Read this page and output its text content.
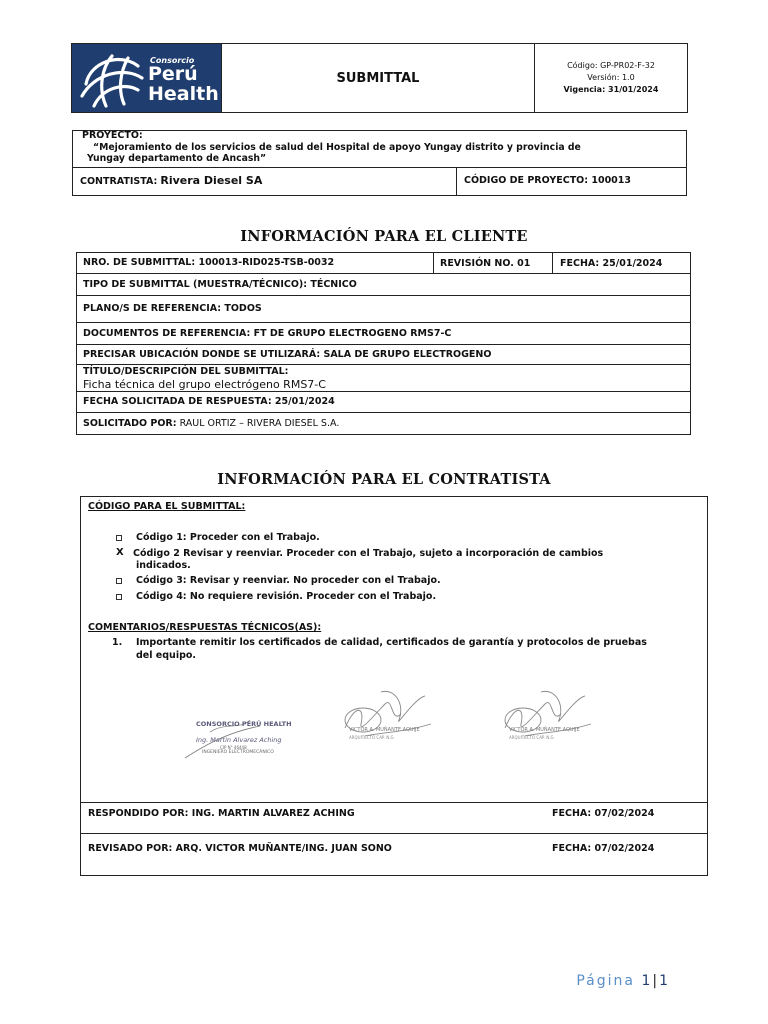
Consorcio
Perú
Health
SUBMITTAL
Código: GP-PR02-F-32
Versión: 1.0
Vigencia: 31/01/2024
PROYECTO:
“Mejoramiento de los servicios de salud del Hospital de apoyo Yungay distrito y provincia de
Yungay departamento de Ancash”
CONTRATISTA: Rivera Diesel SA	CÓDIGO DE PROYECTO: 100013
INFORMACIÓN PARA EL CLIENTE
NRO. DE SUBMITTAL: 100013-RID025-TSB-0032	REVISIÓN NO. 01	FECHA: 25/01/2024
TIPO DE SUBMITTAL (MUESTRA/TÉCNICO): TÉCNICO
PLANO/S DE REFERENCIA: TODOS
DOCUMENTOS DE REFERENCIA: FT DE GRUPO ELECTROGENO RMS7-C
PRECISAR UBICACIÓN DONDE SE UTILIZARÁ: SALA DE GRUPO ELECTROGENO
TÍTULO/DESCRIPCIÓN DEL SUBMITTAL:
Ficha técnica del grupo electrógeno RMS7-C
FECHA SOLICITADA DE RESPUESTA: 25/01/2024
SOLICITADO POR:
RAUL ORTIZ – RIVERA DIESEL S.A.
INFORMACIÓN PARA EL CONTRATISTA
CÓDIGO PARA EL SUBMITTAL:
Código 1: Proceder con el Trabajo.
X Código 2 Revisar y reenviar. Proceder con el Trabajo, sujeto a incorporación de cambios
indicados.
Código 3: Revisar y reenviar. No proceder con el Trabajo.
Código 4: No requiere revisión. Proceder con el Trabajo.
COMENTARIOS/RESPUESTAS TÉCNICOS(AS):
1. Importante remitir los certificados de calidad, certificados de garantía y protocolos de pruebas
del equipo.
CONSORCIO PERÚ HEALTH
Ing. Martin Alvarez Aching
CIP N° 46448
INGENIERO ELECTROMECÁNICO
VICTOR A. MUÑANTE AQUIJE
ARQUITECTO CAP. N.G
VICTOR A. MUÑANTE AQUIJE
ARQUITECTO CAP. N.G
RESPONDIDO POR: ING. MARTIN ALVAREZ ACHING	FECHA: 07/02/2024
REVISADO POR: ARQ. VICTOR MUÑANTE/ING. JUAN SONO	FECHA: 07/02/2024
Página 1|1
